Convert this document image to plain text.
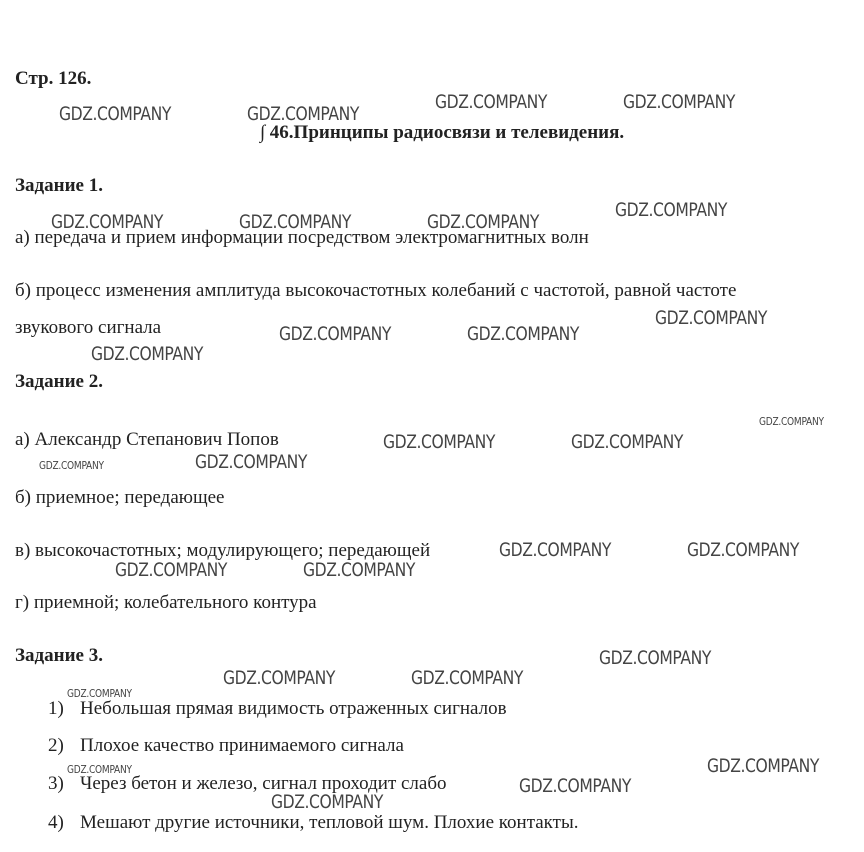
GDZ.COMPANY	GDZ.COMPANY
GDZ.COMPANY	GDZ.COMPANY
GDZ.COMPANY	GDZ.COMPANY	GDZ.COMPANY
GDZ.COMPANY
GDZ.COMPANY	GDZ.COMPANY
GDZ.COMPANY
GDZ.COMPANY
GDZ.COMPANY
GDZ.COMPANY	GDZ.COMPANY
GDZ.COMPANY	GDZ.COMPANY
GDZ.COMPANY	GDZ.COMPANY
GDZ.COMPANY	GDZ.COMPANY
GDZ.COMPANY
GDZ.COMPANY	GDZ.COMPANY
GDZ.COMPANY
GDZ.COMPANY
GDZ.COMPANY
GDZ.COMPANY
GDZ.COMPANY
Стр. 126.
∫ 46.Принципы радиосвязи и телевидения.
Задание 1.
а) передача и прием информации посредством электромагнитных волн
б) процесс изменения амплитуда высокочастотных колебаний с частотой, равной частоте
звукового сигнала
Задание 2.
а) Александр Степанович Попов
б) приемное; передающее
в) высокочастотных; модулирующего; передающей
г) приемной; колебательного контура
Задание 3.
1) Небольшая прямая видимость отраженных сигналов
2) Плохое качество принимаемого сигнала
3) Через бетон и железо, сигнал проходит слабо
4) Мешают другие источники, тепловой шум. Плохие контакты.
